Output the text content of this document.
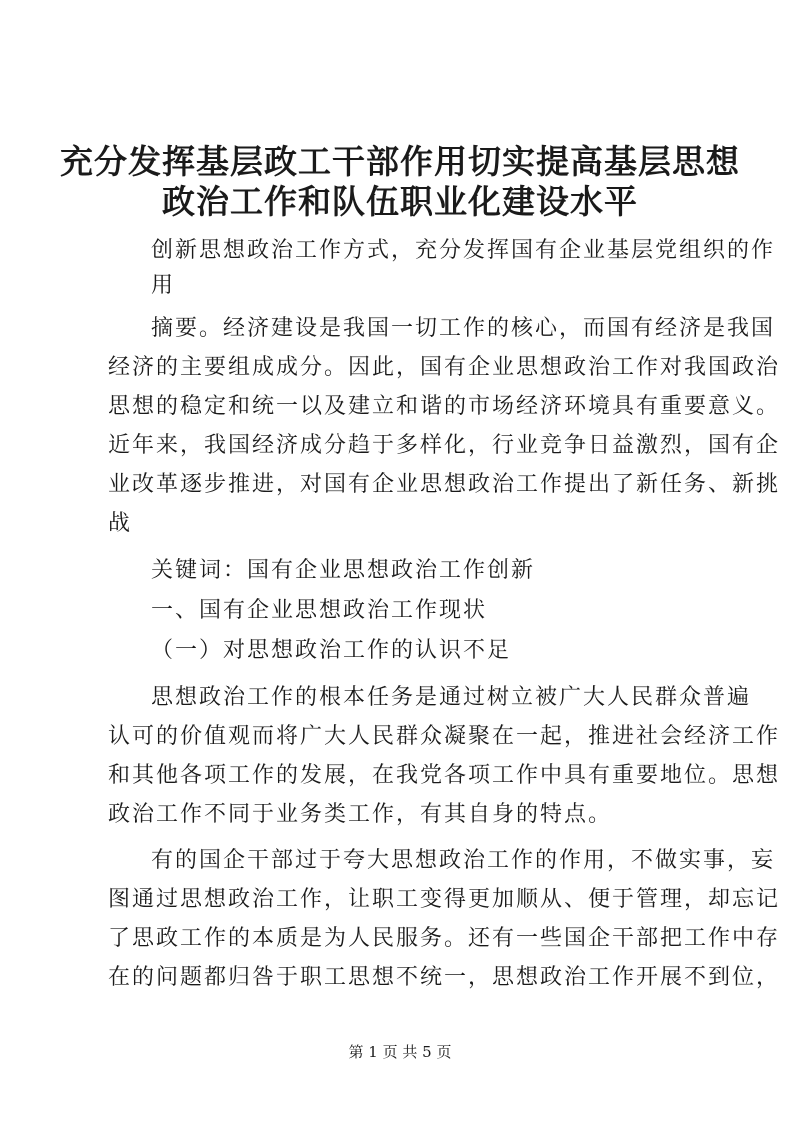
充分发挥基层政工干部作用切实提高基层思想
政治工作和队伍职业化建设水平
创新思想政治工作方式，充分发挥国有企业基层党组织的作
用
摘要。经济建设是我国一切工作的核心，而国有经济是我国
经济的主要组成成分。因此，国有企业思想政治工作对我国政治
思想的稳定和统一以及建立和谐的市场经济环境具有重要意义。
近年来，我国经济成分趋于多样化，行业竞争日益激烈，国有企
业改革逐步推进，对国有企业思想政治工作提出了新任务、新挑
战
关键词：国有企业思想政治工作创新
一、国有企业思想政治工作现状
（一）对思想政治工作的认识不足
思想政治工作的根本任务是通过树立被广大人民群众普遍
认可的价值观而将广大人民群众凝聚在一起，推进社会经济工作
和其他各项工作的发展，在我党各项工作中具有重要地位。思想
政治工作不同于业务类工作，有其自身的特点。
有的国企干部过于夸大思想政治工作的作用，不做实事，妄
图通过思想政治工作，让职工变得更加顺从、便于管理，却忘记
了思政工作的本质是为人民服务。还有一些国企干部把工作中存
在的问题都归咎于职工思想不统一，思想政治工作开展不到位，
第 1 页 共 5 页
